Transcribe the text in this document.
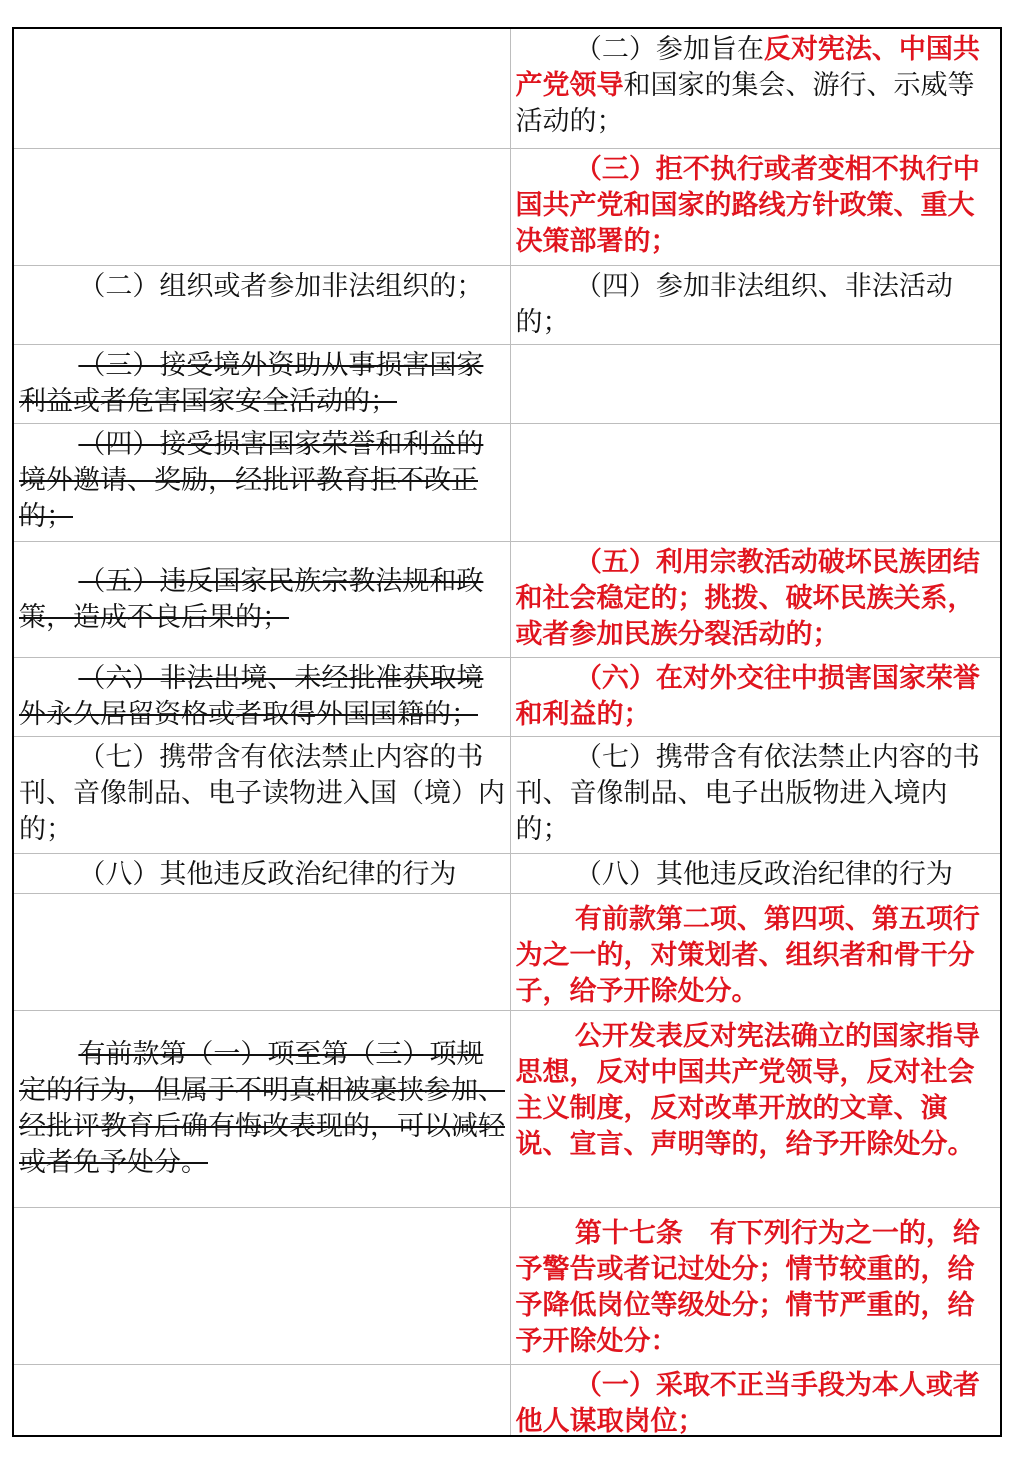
	（二）参加旨在反对宪法、中国共产党领导和国家的集会、游行、示威等活动的；

	（三）拒不执行或者变相不执行中国共产党和国家的路线方针政策、重大决策部署的；

（二）组织或者参加非法组织的；	（四）参加非法组织、非法活动的；

（三）接受境外资助从事损害国家利益或者危害国家安全活动的；	

（四）接受损害国家荣誉和利益的境外邀请、奖励，经批评教育拒不改正的；	

（五）违反国家民族宗教法规和政策，造成不良后果的；	（五）利用宗教活动破坏民族团结和社会稳定的；挑拨、破坏民族关系，或者参加民族分裂活动的；

（六）非法出境、未经批准获取境外永久居留资格或者取得外国国籍的；	（六）在对外交往中损害国家荣誉和利益的；

（七）携带含有依法禁止内容的书刊、音像制品、电子读物进入国（境）内的；	（七）携带含有依法禁止内容的书刊、音像制品、电子出版物进入境内的；

（八）其他违反政治纪律的行为	（八）其他违反政治纪律的行为

	有前款第二项、第四项、第五项行为之一的，对策划者、组织者和骨干分子，给予开除处分。

有前款第（一）项至第（三）项规定的行为，但属于不明真相被裹挟参加、经批评教育后确有悔改表现的，可以减轻或者免予处分。	公开发表反对宪法确立的国家指导思想，反对中国共产党领导，反对社会主义制度，反对改革开放的文章、演说、宣言、声明等的，给予开除处分。

	第十七条　有下列行为之一的，给予警告或者记过处分；情节较重的，给予降低岗位等级处分；情节严重的，给予开除处分：

	（一）采取不正当手段为本人或者他人谋取岗位；
